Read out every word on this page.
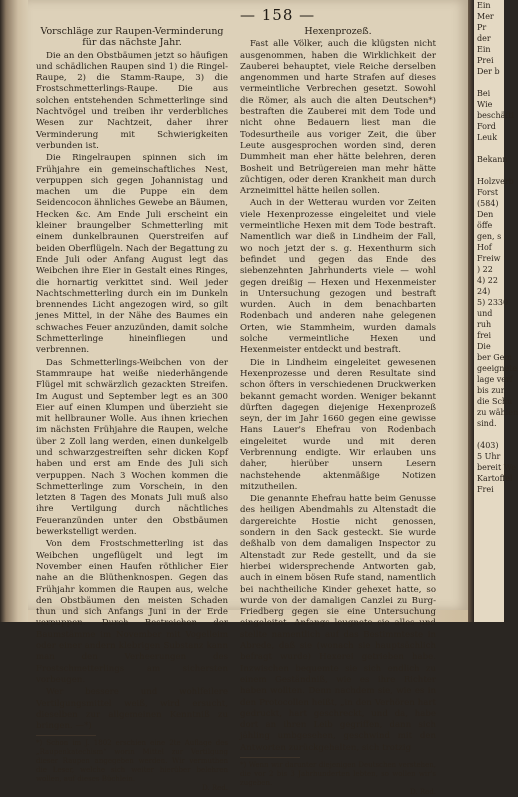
— 158 —
Vorschläge zur Raupen-Verminderung für das nächste Jahr.

Die an den Obstbäumen jetzt so häufigen und schädlichen Raupen sind 1) die Ringel-Raupe, 2) die Stamm-Raupe, 3) die Frostschmetterlings-Raupe. Die aus solchen entstehenden Schmetterlinge sind Nachtvögel und treiben ihr verderbliches Wesen zur Nachtzeit, daher ihrer Verminderung mit Schwierigkeiten verbunden ist.

Die Ringelraupen spinnen sich im Frühjahre ein gemeinschaftliches Nest, verpuppen sich gegen Johannistag und machen um die Puppe ein dem Seidencocon ähnliches Gewebe an Bäumen, Hecken &c. Am Ende Juli erscheint ein kleiner braungelber Schmetterling mit einem dunkelbraunen Querstreifen auf beiden Oberflügeln. Nach der Begattung zu Ende Juli oder Anfang August legt das Weibchen ihre Eier in Gestalt eines Ringes, die hornartig verkittet sind. Weil jeder Nachtschmetterling durch ein im Dunkeln brennendes Licht angezogen wird, so gilt jenes Mittel, in der Nähe des Baumes ein schwaches Feuer anzuzünden, damit solche Schmetterlinge hineinfliegen und verbrennen.

Das Schmetterlings-Weibchen von der Stammraupe hat weiße niederhängende Flügel mit schwärzlich gezackten Streifen. Im August und September legt es an 300 Eier auf einen Klumpen und überzieht sie mit hellbrauner Wolle. Aus ihnen kriechen im nächsten Frühjahre die Raupen, welche über 2 Zoll lang werden, einen dunkelgelb und schwarzgestreiften sehr dicken Kopf haben und erst am Ende des Juli sich verpuppen. Nach 3 Wochen kommen die Schmetterlinge zum Vorschein, in den letzten 8 Tagen des Monats Juli muß also ihre Vertilgung durch nächtliches Feueranzünden unter den Obstbäumen bewerkstelligt werden.

Von dem Frostschmetterling ist das Weibchen ungeflügelt und legt im November einen Haufen röthlicher Eier nahe an die Blüthenknospen. Gegen das Frühjahr kommen die Raupen aus, welche den Obstbäumen den meisten Schaden thun und sich Anfangs Juni in der Erde verpuppen. Durch Bestreichen der Baumstämme im November mit Vogelleim oder einer andern klebrigen Substanz kann man den Verheerungen des Frostschmetterlings am sichersten vorbeugen.

Wer bessere und wohlfeilere Vertilgungsmittel weiß, wird ersucht, dieselben zur allgemeinen Kenntniß zu bringen. —*)

*) Schon im J. 1802 erschien eine 2te Auflage des „Raupenkatechism“ worin Mittel zur Vertilgung dieser Raupen angegeben werden. Wir vermuthen die Leser, welche sich weiter hierüber belehren wollen, auf dieses Büchlein.

D. Red.
Hexenprozeß.

Fast alle Völker, auch die klügsten nicht ausgenommen, haben die Wirklichkeit der Zauberei behauptet, viele Reiche derselben angenommen und harte Strafen auf dieses vermeintliche Verbrechen gesetzt. Sowohl die Römer, als auch die alten Deutschen*) bestraften die Zauberei mit dem Tode und nicht ohne Bedauern liest man die Todesurtheile aus voriger Zeit, die über Leute ausgesprochen worden sind, deren Dummheit man eher hätte belehren, deren Bosheit und Betrügereien man mehr hätte züchtigen, oder deren Krankheit man durch Arzneimittel hätte heilen sollen.

Auch in der Wetterau wurden vor Zeiten viele Hexenprozesse eingeleitet und viele vermeintliche Hexen mit dem Tode bestraft. Namentlich war dieß in Lindheim der Fall, wo noch jetzt der s. g. Hexenthurm sich befindet und gegen das Ende des siebenzehnten Jahrhunderts viele — wohl gegen dreißig — Hexen und Hexenmeister in Untersuchung gezogen und bestraft wurden. Auch in dem benachbarten Rodenbach und anderen nahe gelegenen Orten, wie Stammheim, wurden damals solche vermeintliche Hexen und Hexenmeister entdeckt und bestraft.

Die in Lindheim eingeleitet gewesenen Hexenprozesse und deren Resultate sind schon öfters in verschiedenen Druckwerken bekannt gemacht worden. Weniger bekannt dürften dagegen diejenige Hexenprozeß seyn, der im Jahr 1660 gegen eine gewisse Hans Lauer's Ehefrau von Rodenbach eingeleitet wurde und mit deren Verbrennung endigte. Wir erlauben uns daher, hierüber unsern Lesern nachstehende aktenmäßige Notizen mitzutheilen.

Die genannte Ehefrau hatte beim Genusse des heiligen Abendmahls zu Altenstadt die dargereichte Hostie nicht genossen, sondern in den Sack gesteckt. Sie wurde deßhalb von dem damaligen Inspector zu Altenstadt zur Rede gestellt, und da sie hierbei widersprechende Antworten gab, auch in einem bösen Rufe stand, namentlich bei nachtheiliche Kinder gehexet hatte, so wurde von der damaligen Canzlei zu Burg-Friedberg gegen sie eine Untersuchung eingeleitet. Anfangs leugnete sie alles und stellte namentlich auf das Bestimmteste in Abrede, daß sie (wonach sie hauptsächlich befragt wurde) Hexerei getrieben habe. Inzwischen bequemte sie sich endlich zu einem Geständniß, wie es ihre Richter haben wollten. Denn nachdem sie, wie es in den Protocollen heißt, „in den Verhören hart gedruckt, hart geschreckt, und da, habe dort an ihren Leib gegriffen, dann sich jähling umbgesehen, geschwind mit den Antworten zurückgehalten, sich trotzig

*) Wenn wir darunter diejenigen Deutschen verstehen, die vor 2 bis 3 Jahrhunderten lebten, so wollen wir's zugeben.

D. Red.
Ein
Mer
Pr
der
Ein
Prei
Der b

Bei
Wie
beschäfti
Ford
Leuk

Bekann

Holzverb
Forst
(584)
Den
öffe
gen, s
Hof
Freiw
) 22
4) 22
24)
5) 2330
und
ruh
frei
Die
ber Gem
geeignete
lage verf
bis zur
die Schu
zu wählen
sind.

(403)
5 Uhr
bereit We
Kartoffel
Frei
